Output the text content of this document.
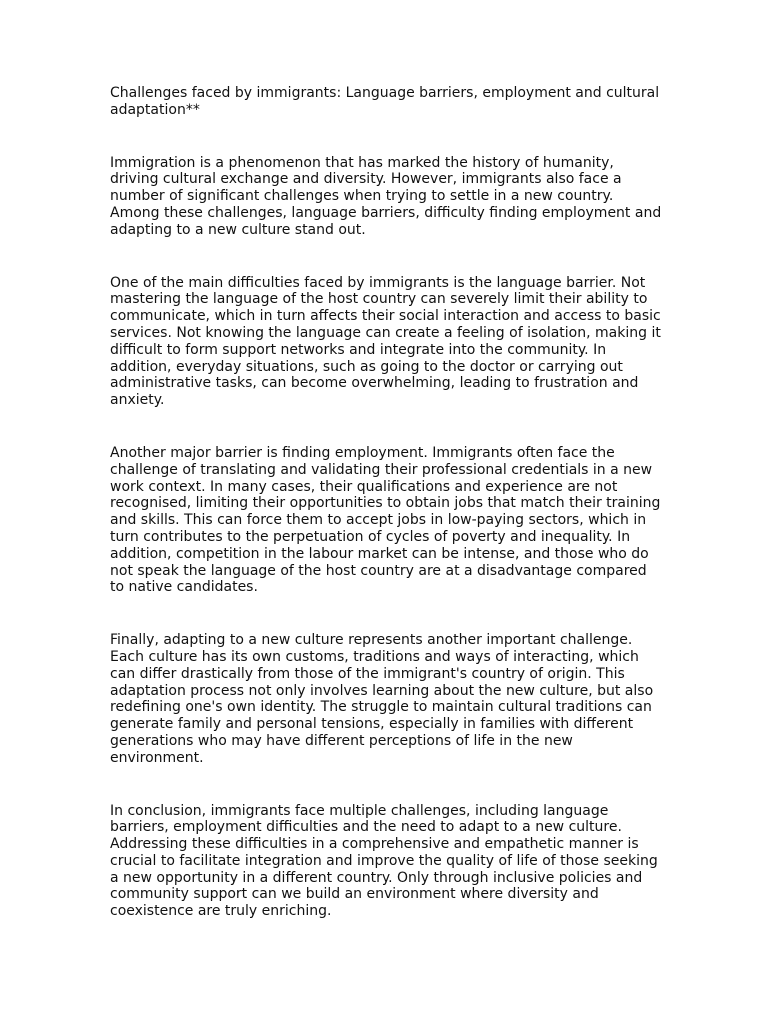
Challenges faced by immigrants: Language barriers, employment and cultural adaptation**

Immigration is a phenomenon that has marked the history of humanity, driving cultural exchange and diversity. However, immigrants also face a number of significant challenges when trying to settle in a new country. Among these challenges, language barriers, difficulty finding employment and adapting to a new culture stand out.

One of the main difficulties faced by immigrants is the language barrier. Not mastering the language of the host country can severely limit their ability to communicate, which in turn affects their social interaction and access to basic services. Not knowing the language can create a feeling of isolation, making it difficult to form support networks and integrate into the community. In addition, everyday situations, such as going to the doctor or carrying out administrative tasks, can become overwhelming, leading to frustration and anxiety.

Another major barrier is finding employment. Immigrants often face the challenge of translating and validating their professional credentials in a new work context. In many cases, their qualifications and experience are not recognised, limiting their opportunities to obtain jobs that match their training and skills. This can force them to accept jobs in low-paying sectors, which in turn contributes to the perpetuation of cycles of poverty and inequality. In addition, competition in the labour market can be intense, and those who do not speak the language of the host country are at a disadvantage compared to native candidates.

Finally, adapting to a new culture represents another important challenge. Each culture has its own customs, traditions and ways of interacting, which can differ drastically from those of the immigrant's country of origin. This adaptation process not only involves learning about the new culture, but also redefining one's own identity. The struggle to maintain cultural traditions can generate family and personal tensions, especially in families with different generations who may have different perceptions of life in the new environment.

In conclusion, immigrants face multiple challenges, including language barriers, employment difficulties and the need to adapt to a new culture. Addressing these difficulties in a comprehensive and empathetic manner is crucial to facilitate integration and improve the quality of life of those seeking a new opportunity in a different country. Only through inclusive policies and community support can we build an environment where diversity and coexistence are truly enriching.
